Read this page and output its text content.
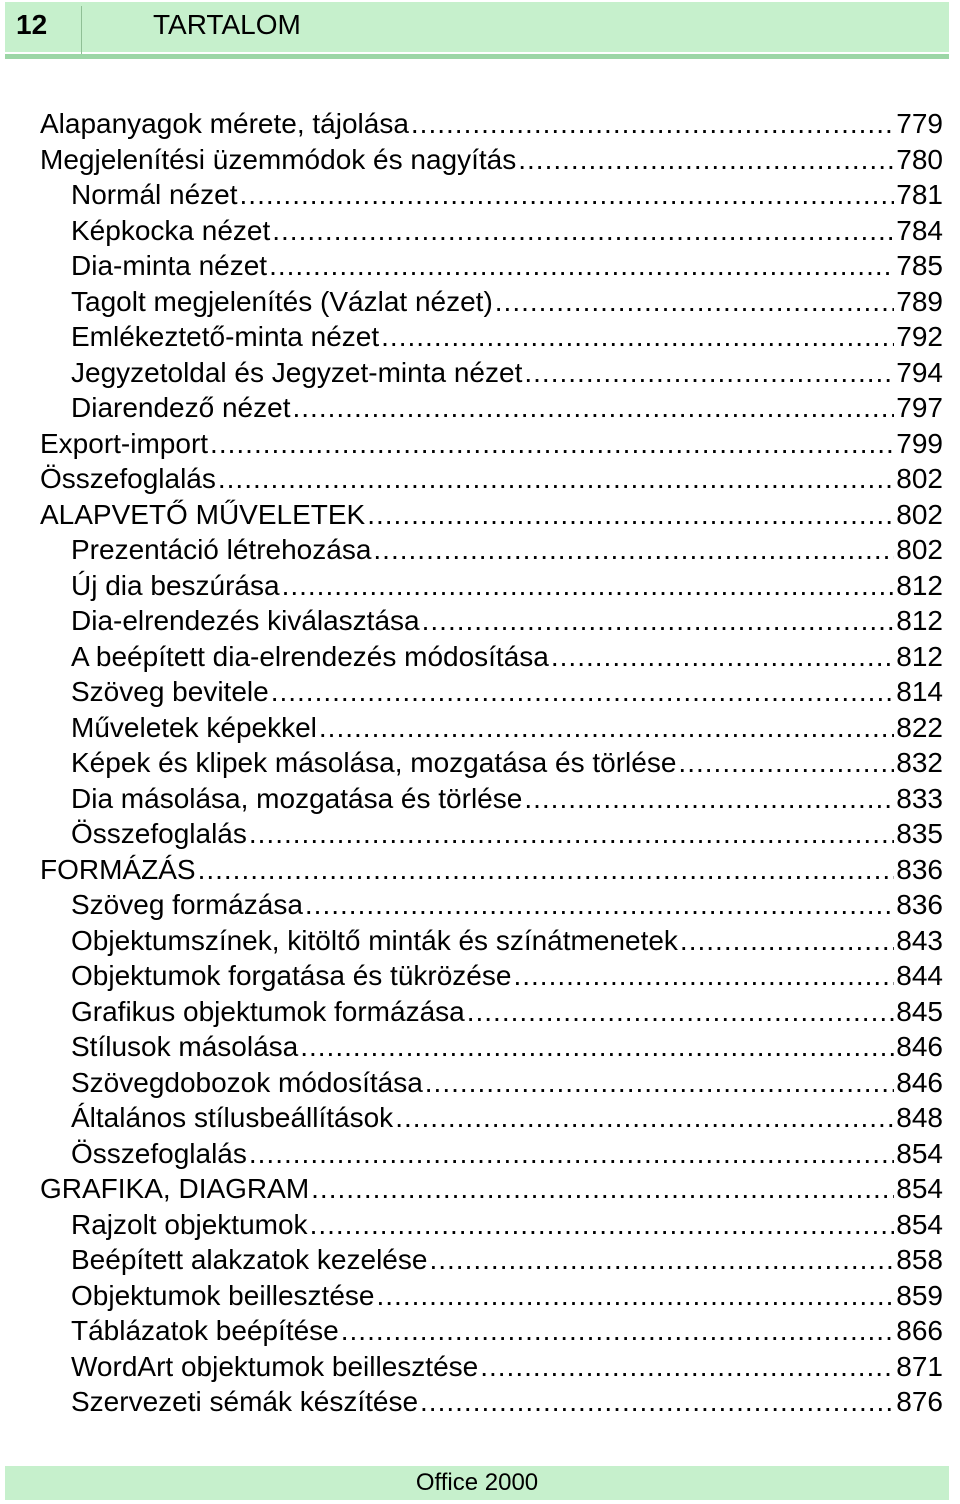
12	TARTALOM
Alapanyagok mérete, tájolása .....	779
Megjelenítési üzemmódok és nagyítás .....	780
Normál nézet .....	781
Képkocka nézet .....	784
Dia-minta nézet .....	785
Tagolt megjelenítés (Vázlat nézet) .....	789
Emlékeztető-minta nézet .....	792
Jegyzetoldal és Jegyzet-minta nézet .....	794
Diarendező nézet .....	797
Export-import .....	799
Összefoglalás .....	802
ALAPVETŐ MŰVELETEK .....	802
Prezentáció létrehozása .....	802
Új dia beszúrása .....	812
Dia-elrendezés kiválasztása .....	812
A beépített dia-elrendezés módosítása .....	812
Szöveg bevitele .....	814
Műveletek képekkel .....	822
Képek és klipek másolása, mozgatása és törlése .....	832
Dia másolása, mozgatása és törlése .....	833
Összefoglalás .....	835
FORMÁZÁS .....	836
Szöveg formázása .....	836
Objektumszínek, kitöltő minták és színátmenetek .....	843
Objektumok forgatása és tükrözése .....	844
Grafikus objektumok formázása .....	845
Stílusok másolása .....	846
Szövegdobozok módosítása .....	846
Általános stílusbeállítások .....	848
Összefoglalás .....	854
GRAFIKA, DIAGRAM .....	854
Rajzolt objektumok .....	854
Beépített alakzatok kezelése .....	858
Objektumok beillesztése .....	859
Táblázatok beépítése .....	866
WordArt objektumok beillesztése .....	871
Szervezeti sémák készítése .....	876
Office 2000
